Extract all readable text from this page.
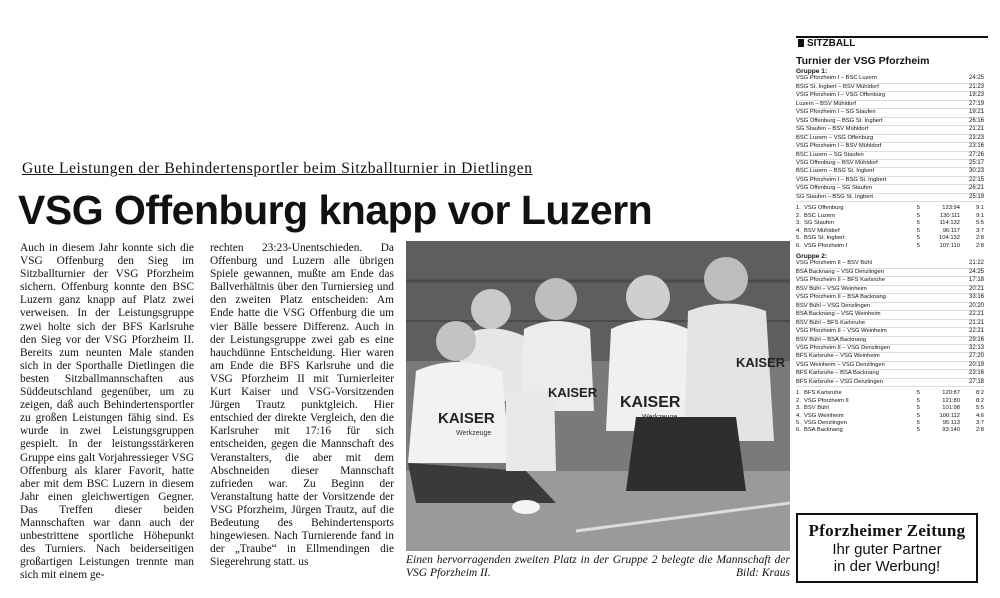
Gute Leistungen der Behindertensportler beim Sitzballturnier in Dietlingen
VSG Offenburg knapp vor Luzern

Auch in diesem Jahr konnte sich die VSG Offenburg den Sieg im Sitzballturnier der VSG Pforzheim sichern. Offenburg konnte den BSC Luzern ganz knapp auf Platz zwei verweisen. In der Leistungsgruppe zwei holte sich der BFS Karlsruhe den Sieg vor der VSG Pforzheim II. Bereits zum neunten Male standen sich in der Sporthalle Dietlingen die besten Sitzballmannschaften aus Süddeutschland gegenüber, um zu zeigen, daß auch Behindertensportler zu großen Leistungen fähig sind. Es wurde in zwei Leistungsgruppen gespielt. In der leistungsstärkeren Gruppe eins galt Vorjahressieger VSG Offenburg als klarer Favorit, hatte aber mit dem BSC Luzern in diesem Jahr einen gleichwertigen Gegner. Das Treffen dieser beiden Mannschaften war dann auch der unbestrittene sportliche Höhepunkt des Turniers. Nach beiderseitigen großartigen Leistungen trennte man sich mit einem ge-

rechten 23:23-Unentschieden. Da Offenburg und Luzern alle übrigen Spiele gewannen, mußte am Ende das Ballverhältnis über den Turniersieg und den zweiten Platz entscheiden: Am Ende hatte die VSG Offenburg die um vier Bälle bessere Differenz. Auch in der Leistungsgruppe zwei gab es eine hauchdünne Entscheidung. Hier waren am Ende die BFS Karlsruhe und die VSG Pforzheim II mit Turnierleiter Kurt Kaiser und VSG-Vorsitzenden Jürgen Trautz punktgleich. Hier entschied der direkte Vergleich, den die Karlsruher mit 17:16 für sich entscheiden, gegen die Mannschaft des Veranstalters, die aber mit dem Abschneiden dieser Mannschaft zufrieden war. Zu Beginn der Veranstaltung hatte der Vorsitzende der VSG Pforzheim, Jürgen Trautz, auf die Bedeutung des Behindertensports hingewiesen. Nach Turnierende fand in der „Traube“ in Ellmendingen die Siegerehrung statt. us

KAISER
Werkzeuge
KAISER
KAISER
Werkzeuge
KAISER
Einen hervorragenden zweiten Platz in der Gruppe 2 belegte die Mannschaft der VSG Pforzheim II.	Bild: Kraus
SITZBALL
Turnier der VSG Pforzheim
Gruppe 1:
VSG Pforzheim I – BSC Luzern	24:25
BSG St. Ingbert – BSV Mühldorf	21:23
VSG Pforzheim I – VSG Offenburg	19:23
Luzern – BSV Mühldorf	27:19
VSG Pforzheim I – SG Staufen	19:21
VSG Offenburg – BSG St. Ingbert	26:16
SG Staufen – BSV Mühldorf	21:21
BSC Luzern – VSG Offenburg	23:23
VSG Pforzheim I – BSV Mühldorf	23:16
BSC Luzern – SG Staufen	27:26
VSG Offenburg – BSV Mühldorf	25:17
BSC Luzern – BSG St. Ingbert	30:23
VSG Pforzheim I – BSG St. Ingbert	22:15
VSG Offenburg – SG Staufen	26:21
SG Staufen – BSG St. Ingbert	25:19
1. VSG Offenburg	5	123:94	9:1
2. BSC Luzern	5	130:111	9:1
3. SG Staufen	5	114:132	5:5
4. BSV Mühldorf	5	96:117	3:7
5. BSG St. Ingbert	5	104:132	2:8
6. VSG Pforzheim I	5	107:110	2:8
Gruppe 2:
VSG Pforzheim II – BSV Bühl	21:22
BSA Backnang – VSG Denzlingen	24:25
VSG Pforzheim II – BFS Karlsruhe	17:18
BSV Bühl – VSG Weinheim	20:21
VSG Pforzheim II – BSA Backnang	33:16
BSV Bühl – VSG Denzlingen	20:20
BSA Backnang – VSG Weinheim	22:21
BSV Bühl – BFS Karlsruhe	21:21
VSG Pforzheim II – VSG Weinheim	22:21
BSV Bühl – BSA Backnang	29:16
VSG Pforzheim II – VSG Denzlingen	32:13
BFS Karlsruhe – VSG Weinheim	27:20
VSG Weinheim – VSG Denzlingen	20:19
BFS Karlsruhe – BSA Backnang	23:16
BFS Karlsruhe – VSG Denzlingen	27:18
1. BFS Karlsruhe	5	120:87	8:2
2. VSG Pforzheim II	5	121:80	8:2
3. BSV Bühl	5	101:98	5:5
4. VSG Weinheim	5	100:112	4:6
5. VSG Denzlingen	5	95:113	3:7
6. BSA Backnang	5	93:140	2:8
Pforzheimer Zeitung
Ihr guter Partner
in der Werbung!
